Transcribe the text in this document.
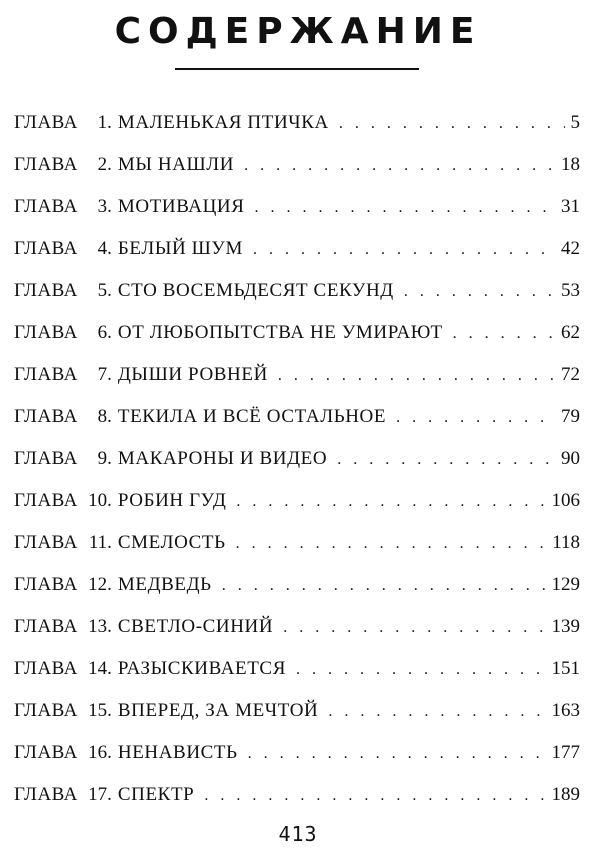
СОДЕРЖАНИЕ
ГЛАВА	1. МАЛЕНЬКАЯ ПТИЧКА . . .	5
ГЛАВА	2. МЫ НАШЛИ . . .	18
ГЛАВА	3. МОТИВАЦИЯ . . .	31
ГЛАВА	4. БЕЛЫЙ ШУМ . . .	42
ГЛАВА	5. СТО ВОСЕМЬДЕСЯТ СЕКУНД . . .	53
ГЛАВА	6. ОТ ЛЮБОПЫТСТВА НЕ УМИРАЮТ . . .	62
ГЛАВА	7. ДЫШИ РОВНЕЙ . . .	72
ГЛАВА	8. ТЕКИЛА И ВСЁ ОСТАЛЬНОЕ . . .	79
ГЛАВА	9. МАКАРОНЫ И ВИДЕО . . .	90
ГЛАВА 10. РОБИН ГУД . . .	106
ГЛАВА 11. СМЕЛОСТЬ . . .	118
ГЛАВА 12. МЕДВЕДЬ . . .	129
ГЛАВА 13. СВЕТЛО-СИНИЙ . . .	139
ГЛАВА 14. РАЗЫСКИВАЕТСЯ . . .	151
ГЛАВА 15. ВПЕРЕД, ЗА МЕЧТОЙ . . .	163
ГЛАВА 16. НЕНАВИСТЬ . . .	177
ГЛАВА 17. СПЕКТР . . .	189
413
